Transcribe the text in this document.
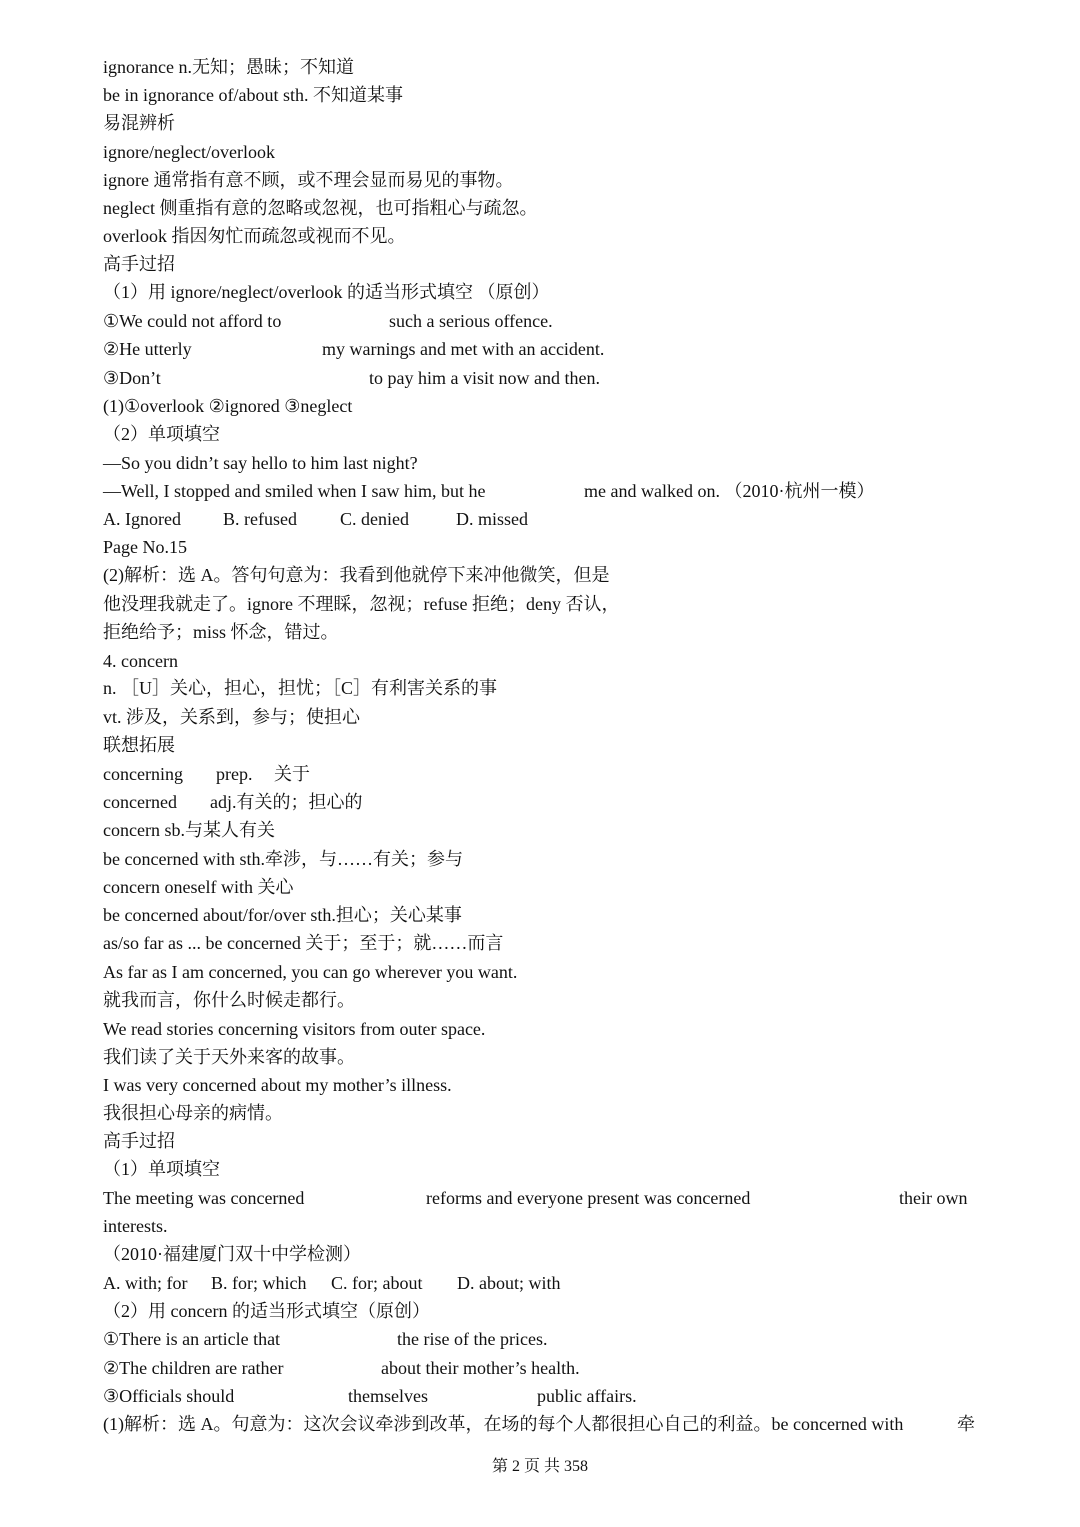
ignorance n.无知；愚昧；不知道
be in ignorance of/about sth. 不知道某事
易混辨析
ignore/neglect/overlook
ignore 通常指有意不顾，或不理会显而易见的事物。
neglect 侧重指有意的忽略或忽视，也可指粗心与疏忽。
overlook 指因匆忙而疏忽或视而不见。
高手过招
（1）用 ignore/neglect/overlook 的适当形式填空 （原创）
①We could not afford to	such a serious offence.
②He utterly	my warnings and met with an accident.
③Don’t	to pay him a visit now and then.
(1)①overlook ②ignored ③neglect
（2）单项填空
—So you didn’t say hello to him last night?
—Well, I stopped and smiled when I saw him, but he	me and walked on. （2010·杭州一模）
A. Ignored B. refused C. denied	D. missed
Page No.15
(2)解析：选 A。答句句意为：我看到他就停下来冲他微笑，但是
他没理我就走了。ignore 不理睬，忽视；refuse 拒绝；deny 否认，
拒绝给予；miss 怀念，错过。
4. concern
n. ［U］关心，担心，担忧；［C］有利害关系的事
vt. 涉及，关系到，参与；使担心
联想拓展
concerning prep. 关于
concerned adj.有关的；担心的
concern sb.与某人有关
be concerned with sth.牵涉，与……有关；参与
concern oneself with 关心
be concerned about/for/over sth.担心；关心某事
as/so far as ... be concerned 关于；至于；就……而言
As far as I am concerned, you can go wherever you want.
就我而言，你什么时候走都行。
We read stories concerning visitors from outer space.
我们读了关于天外来客的故事。
I was very concerned about my mother’s illness.
我很担心母亲的病情。
高手过招
（1）单项填空
The meeting was concerned	reforms and everyone present was concerned	their own
interests.
（2010·福建厦门双十中学检测）
A. with; for B. for; which C. for; about D. about; with
（2）用 concern 的适当形式填空（原创）
①There is an article that	the rise of the prices.
②The children are rather	about their mother’s health.
③Officials should	themselves	public affairs.
(1)解析：选 A。句意为：这次会议牵涉到改革，在场的每个人都很担心自己的利益。be concerned with	牵
第 2 页 共 358
